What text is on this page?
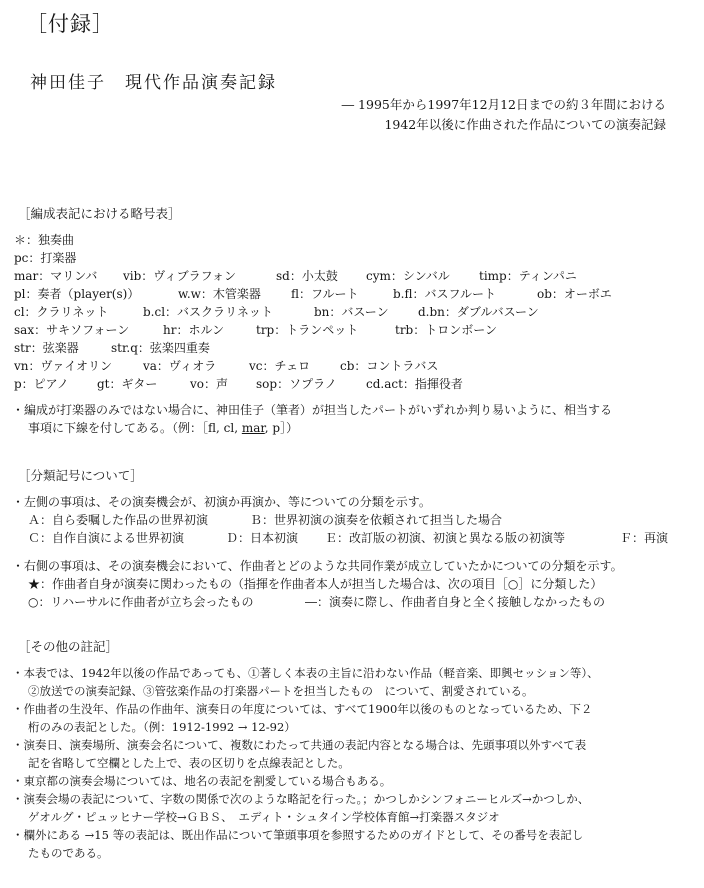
［付録］
神田佳子　現代作品演奏記録
― 1995年から1997年12月12日までの約３年間における
1942年以後に作曲された作品についての演奏記録
［編成表記における略号表］
＊：独奏曲
pc：打楽器
mar：マリンバ vib：ヴィブラフォン	sd：小太鼓 cym：シンバル timp：ティンパニ
pl：奏者（player(s)）	w.w：木管楽器	fl：フルート	b.fl：バスフルート	ob：オーボエ
cl：クラリネット	b.cl：バスクラリネット	bn：バスーン d.bn：ダブルバスーン
sax：サキソフォーン	hr：ホルン	trp：トランペット	trb：トロンボーン
str：弦楽器	str.q：弦楽四重奏
vn：ヴァイオリン	va：ヴィオラ	vc：チェロ cb：コントラバス
p：ピアノ gt：ギター	vo：声 sop：ソプラノ cd.act：指揮役者
・ 編成が打楽器のみではない場合に、神田佳子（筆者）が担当したパートがいずれか判り易いように、相当する
事項に下線を付してある。（例：［fl, cl, mar, p］）
［分類記号について］
・ 左側の事項は、その演奏機会が、初演か再演か、等についての分類を示す。
Ａ：自ら委嘱した作品の世界初演	Ｂ：世界初演の演奏を依頼されて担当した場合
Ｃ：自作自演による世界初演	Ｄ：日本初演 Ｅ：改訂版の初演、初演と異なる版の初演等	Ｆ：再演
・ 右側の事項は、その演奏機会において、作曲者とどのような共同作業が成立していたかについての分類を示す。
★：作曲者自身が演奏に関わったもの（指揮を作曲者本人が担当した場合は、次の項目［○］に分類した）
○：リハーサルに作曲者が立ち会ったもの	―：演奏に際し、作曲者自身と全く接触しなかったもの
［その他の註記］
・ 本表では、1942年以後の作品であっても、①著しく本表の主旨に沿わない作品（軽音楽、即興セッション等）、
②放送での演奏記録、③管弦楽作品の打楽器パートを担当したもの　について、割愛されている。
・ 作曲者の生没年、作品の作曲年、演奏日の年度については、すべて1900年以後のものとなっているため、下２
桁のみの表記とした。（例：1912-1992 → 12-92）
・ 演奏日、演奏場所、演奏会名について、複数にわたって共通の表記内容となる場合は、先頭事項以外すべて表
記を省略して空欄とした上で、表の区切りを点線表記とした。
・ 東京都の演奏会場については、地名の表記を割愛している場合もある。
・ 演奏会場の表記について、字数の関係で次のような略記を行った。；かつしかシンフォニーヒルズ→かつしか、
ゲオルグ・ピュッヒナー学校→ＧＢＳ、　エディト・シュタイン学校体育館→打楽器スタジオ
・ 欄外にある →15 等の表記は、既出作品について筆頭事項を参照するためのガイドとして、その番号を表記し
たものである。
